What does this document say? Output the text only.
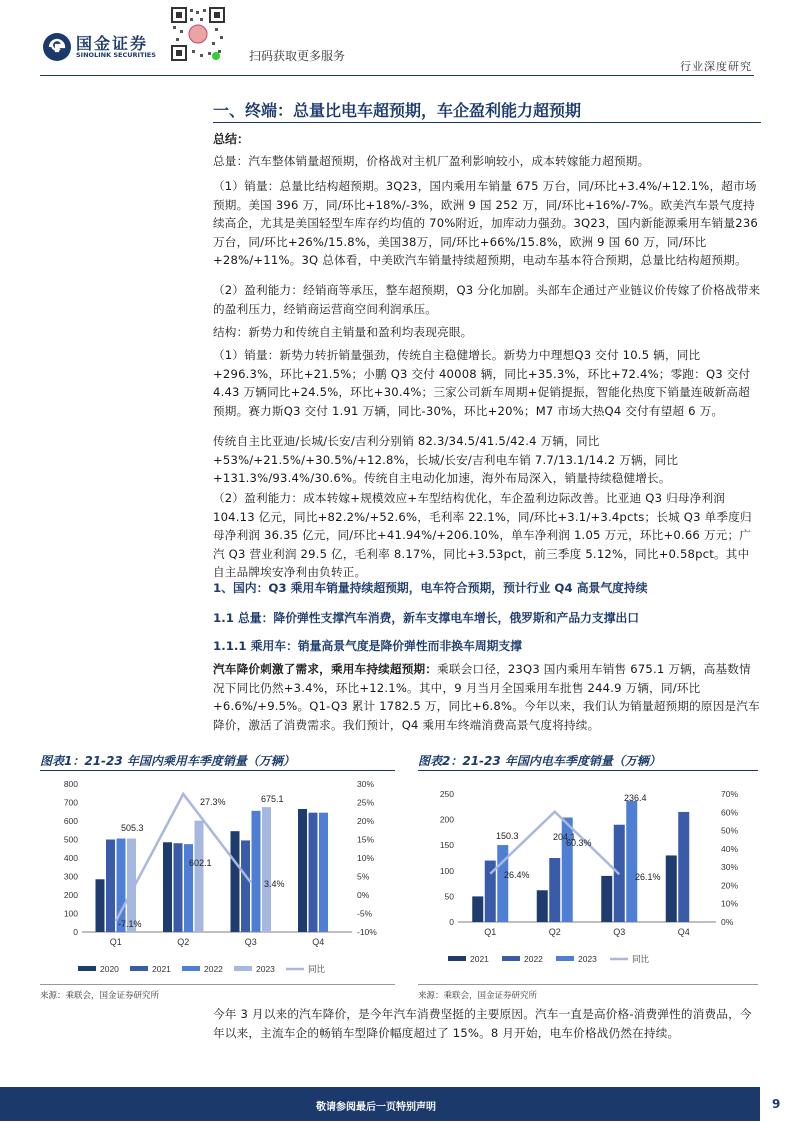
国金证券
SINOLINK SECURITIES	扫码获取更多服务
行业深度研究
一、终端：总量比电车超预期，车企盈利能力超预期
总结：
总量：汽车整体销量超预期，价格战对主机厂盈利影响较小，成本转嫁能力超预期。
（1）销量：总量比结构超预期。3Q23，国内乘用车销量 675 万台，同/环比+3.4%/+12.1%，超市场预期。美国 396 万，同/环比+18%/-3%，欧洲 9 国 252 万，同/环比+16%/-7%。欧美汽车景气度持续高企，尤其是美国轻型车库存约均值的 70%附近，加库动力强劲。3Q23，国内新能源乘用车销量236万台，同/环比+26%/15.8%，美国38万，同/环比+66%/15.8%，欧洲 9 国 60 万，同/环比+28%/+11%。3Q 总体看，中美欧汽车销量持续超预期，电动车基本符合预期，总量比结构超预期。
（2）盈利能力：经销商等承压，整车超预期，Q3 分化加剧。头部车企通过产业链议价传嫁了价格战带来的盈利压力，经销商运营商空间利润承压。
结构：新势力和传统自主销量和盈利均表现亮眼。
（1）销量：新势力转折销量强劲，传统自主稳健增长。新势力中理想Q3 交付 10.5 辆，同比+296.3%，环比+21.5%；小鹏 Q3 交付 40008 辆，同比+35.3%，环比+72.4%；零跑：Q3 交付 4.43 万辆同比+24.5%，环比+30.4%；三家公司新车周期+促销提振，智能化热度下销量连破新高超预期。赛力斯Q3 交付 1.91 万辆，同比-30%，环比+20%；M7 市场大热Q4 交付有望超 6 万。
传统自主比亚迪/长城/长安/吉利分别销 82.3/34.5/41.5/42.4 万辆，同比+53%/+21.5%/+30.5%/+12.8%，长城/长安/吉利电车销 7.7/13.1/14.2 万辆，同比+131.3%/93.4%/30.6%。传统自主电动化加速，海外布局深入，销量持续稳健增长。
（2）盈利能力：成本转嫁+规模效应+车型结构优化，车企盈利边际改善。比亚迪 Q3 归母净利润 104.13 亿元，同比+82.2%/+52.6%，毛利率 22.1%，同/环比+3.1/+3.4pcts；长城 Q3 单季度归母净利润 36.35 亿元，同/环比+41.94%/+206.10%，单车净利润 1.05 万元，环比+0.66 万元；广汽 Q3 营业利润 29.5 亿，毛利率 8.17%，同比+3.53pct，前三季度 5.12%，同比+0.58pct。其中自主品牌埃安净利由负转正。
1、国内：Q3 乘用车销量持续超预期，电车符合预期，预计行业 Q4 高景气度持续
1.1 总量：降价弹性支撑汽车消费，新车支撑电车增长，俄罗斯和产品力支撑出口
1.1.1 乘用车：销量高景气度是降价弹性而非换车周期支撑
汽车降价刺激了需求，乘用车持续超预期：乘联会口径，23Q3 国内乘用车销售 675.1 万辆，高基数情况下同比仍然+3.4%，环比+12.1%。其中，9 月当月全国乘用车批售 244.9 万辆，同/环比+6.6%/+9.5%。Q1-Q3 累计 1782.5 万，同比+6.8%。今年以来，我们认为销量超预期的原因是汽车降价，激活了消费需求。我们预计，Q4 乘用车终端消费高景气度将持续。
图表1：21-23 年国内乘用车季度销量（万辆）	图表2：21-23 年国内电车季度销量（万辆）
0
100
200
300
400
500
600
700
800
-10%
-5%
0%
5%
10%
15%
20%
25%
30%
Q1	Q2	Q3	Q4
505.3
602.1
675.1
-7.1%
27.3%
3.4%
2020	2021	2022	2023	同比
0
50
100
150
200
250
0%
10%
20%
30%
40%
50%
60%
70%
Q1	Q2	Q3	Q4
150.3	204.1
236.4
26.4%
60.3%
26.1%
2021	2022	2023	同比
来源：乘联会，国金证券研究所	来源：乘联会，国金证券研究所
今年 3 月以来的汽车降价，是今年汽车消费坚挺的主要原因。汽车一直是高价格-消费弹性的消费品，今年以来，主流车企的畅销车型降价幅度超过了 15%。8 月开始，电车价格战仍然在持续。
敬请参阅最后一页特别声明	9
